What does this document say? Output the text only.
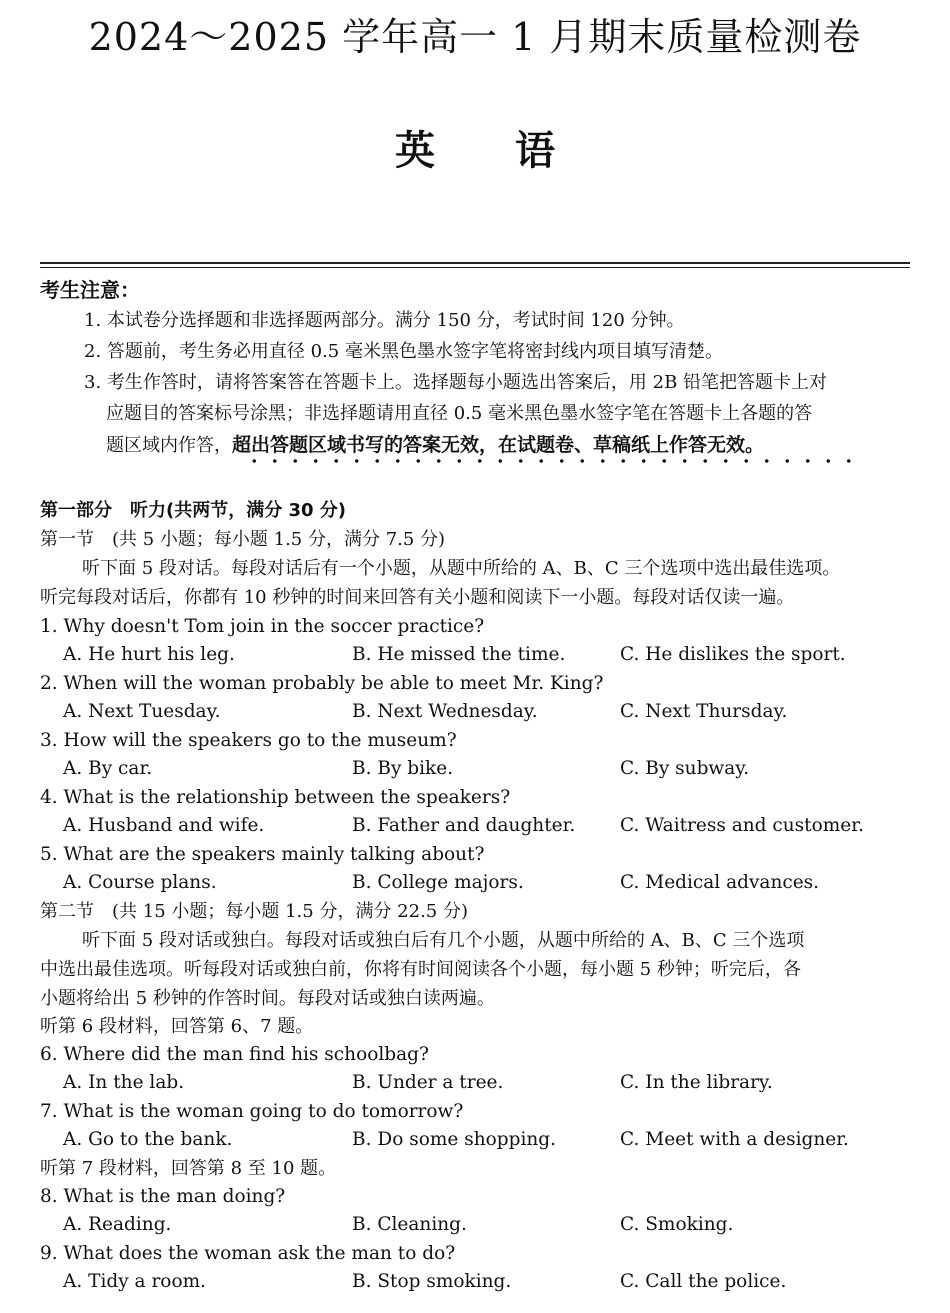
2024～2025 学年高一 1 月期末质量检测卷
英语
考生注意：
1. 本试卷分选择题和非选择题两部分。满分 150 分，考试时间 120 分钟。
2. 答题前，考生务必用直径 0.5 毫米黑色墨水签字笔将密封线内项目填写清楚。
3. 考生作答时，请将答案答在答题卡上。选择题每小题选出答案后，用 2B 铅笔把答题卡上对
应题目的答案标号涂黑；非选择题请用直径 0.5 毫米黑色墨水签字笔在答题卡上各题的答
题区域内作答，超出答题区域书写的答案无效，在试题卷、草稿纸上作答无效。
第一部分　听力(共两节，满分 30 分)
第一节　(共 5 小题；每小题 1.5 分，满分 7.5 分)
听下面 5 段对话。每段对话后有一个小题，从题中所给的 A、B、C 三个选项中选出最佳选项。
听完每段对话后，你都有 10 秒钟的时间来回答有关小题和阅读下一小题。每段对话仅读一遍。
1. Why doesn't Tom join in the soccer practice?
A. He hurt his leg.	B. He missed the time.	C. He dislikes the sport.
2. When will the woman probably be able to meet Mr. King?
A. Next Tuesday.	B. Next Wednesday.	C. Next Thursday.
3. How will the speakers go to the museum?
A. By car.	B. By bike.	C. By subway.
4. What is the relationship between the speakers?
A. Husband and wife.	B. Father and daughter. C. Waitress and customer.
5. What are the speakers mainly talking about?
A. Course plans.	B. College majors.	C. Medical advances.
第二节　(共 15 小题；每小题 1.5 分，满分 22.5 分)
听下面 5 段对话或独白。每段对话或独白后有几个小题，从题中所给的 A、B、C 三个选项
中选出最佳选项。听每段对话或独白前，你将有时间阅读各个小题，每小题 5 秒钟；听完后，各
小题将给出 5 秒钟的作答时间。每段对话或独白读两遍。
听第 6 段材料，回答第 6、7 题。
6. Where did the man find his schoolbag?
A. In the lab.	B. Under a tree.	C. In the library.
7. What is the woman going to do tomorrow?
A. Go to the bank.	B. Do some shopping.	C. Meet with a designer.
听第 7 段材料，回答第 8 至 10 题。
8. What is the man doing?
A. Reading.	B. Cleaning.	C. Smoking.
9. What does the woman ask the man to do?
A. Tidy a room.	B. Stop smoking.	C. Call the police.
